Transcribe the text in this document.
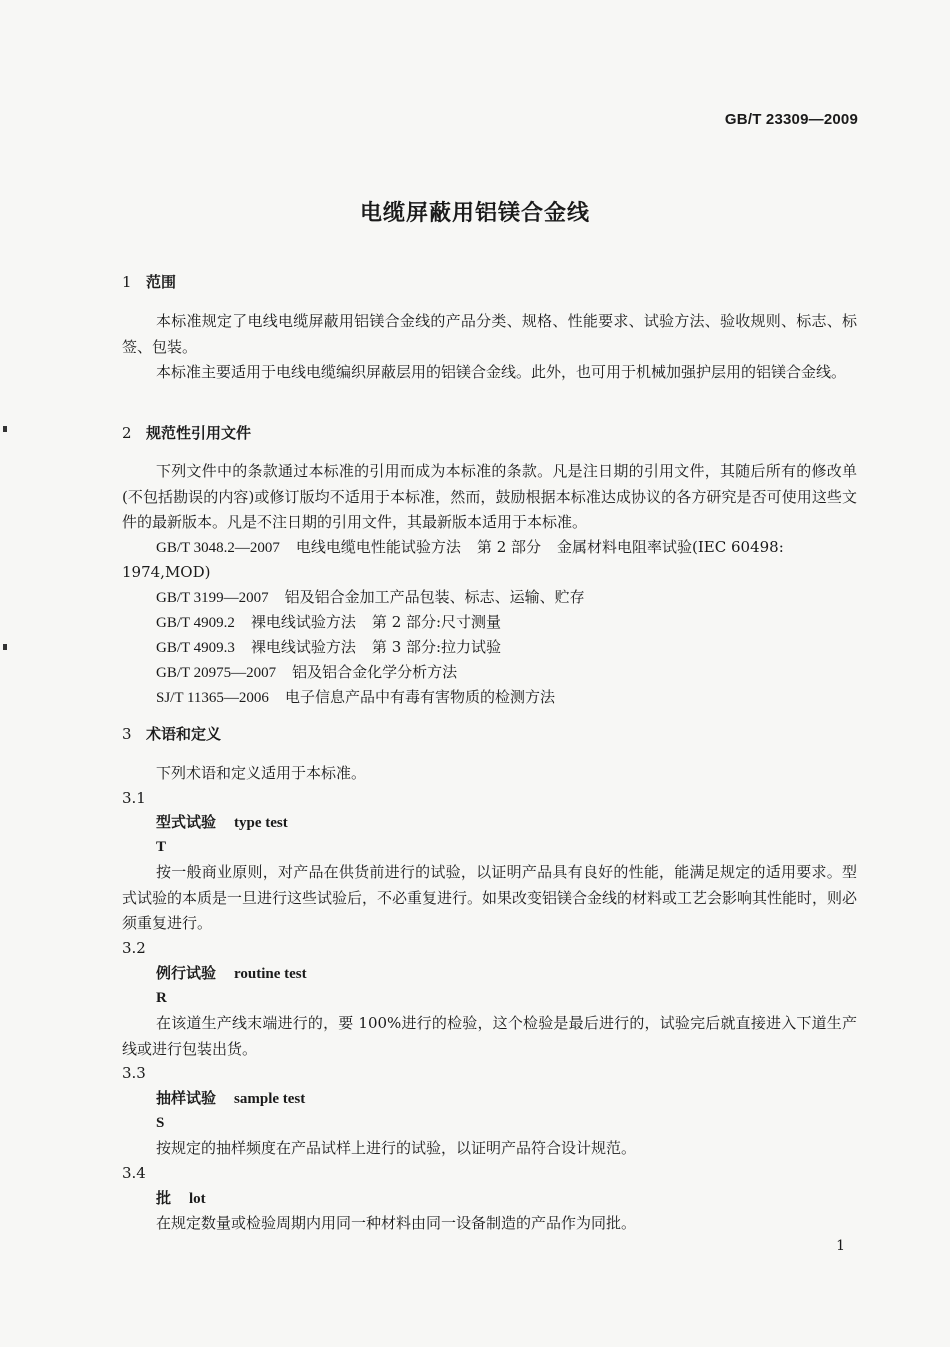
GB/T 23309—2009
电缆屏蔽用铝镁合金线
1 范围
本标准规定了电线电缆屏蔽用铝镁合金线的产品分类、规格、性能要求、试验方法、验收规则、标志、标签、包装。
本标准主要适用于电线电缆编织屏蔽层用的铝镁合金线。此外，也可用于机械加强护层用的铝镁合金线。
2 规范性引用文件
下列文件中的条款通过本标准的引用而成为本标准的条款。凡是注日期的引用文件，其随后所有的修改单(不包括勘误的内容)或修订版均不适用于本标准，然而，鼓励根据本标准达成协议的各方研究是否可使用这些文件的最新版本。凡是不注日期的引用文件，其最新版本适用于本标准。
GB/T 3048.2—2007 电线电缆电性能试验方法 第 2 部分 金属材料电阻率试验(IEC 60498:
1974,MOD)
GB/T 3199—2007 铝及铝合金加工产品包装、标志、运输、贮存
GB/T 4909.2 裸电线试验方法 第 2 部分:尺寸测量
GB/T 4909.3 裸电线试验方法 第 3 部分:拉力试验
GB/T 20975—2007 铝及铝合金化学分析方法
SJ/T 11365—2006 电子信息产品中有毒有害物质的检测方法
3 术语和定义
下列术语和定义适用于本标准。
3.1
型式试验 type test
T
按一般商业原则，对产品在供货前进行的试验，以证明产品具有良好的性能，能满足规定的适用要求。型式试验的本质是一旦进行这些试验后，不必重复进行。如果改变铝镁合金线的材料或工艺会影响其性能时，则必须重复进行。
3.2
例行试验 routine test
R
在该道生产线末端进行的，要 100%进行的检验，这个检验是最后进行的，试验完后就直接进入下道生产线或进行包装出货。
3.3
抽样试验 sample test
S
按规定的抽样频度在产品试样上进行的试验，以证明产品符合设计规范。
3.4
批 lot
在规定数量或检验周期内用同一种材料由同一设备制造的产品作为同批。
1
